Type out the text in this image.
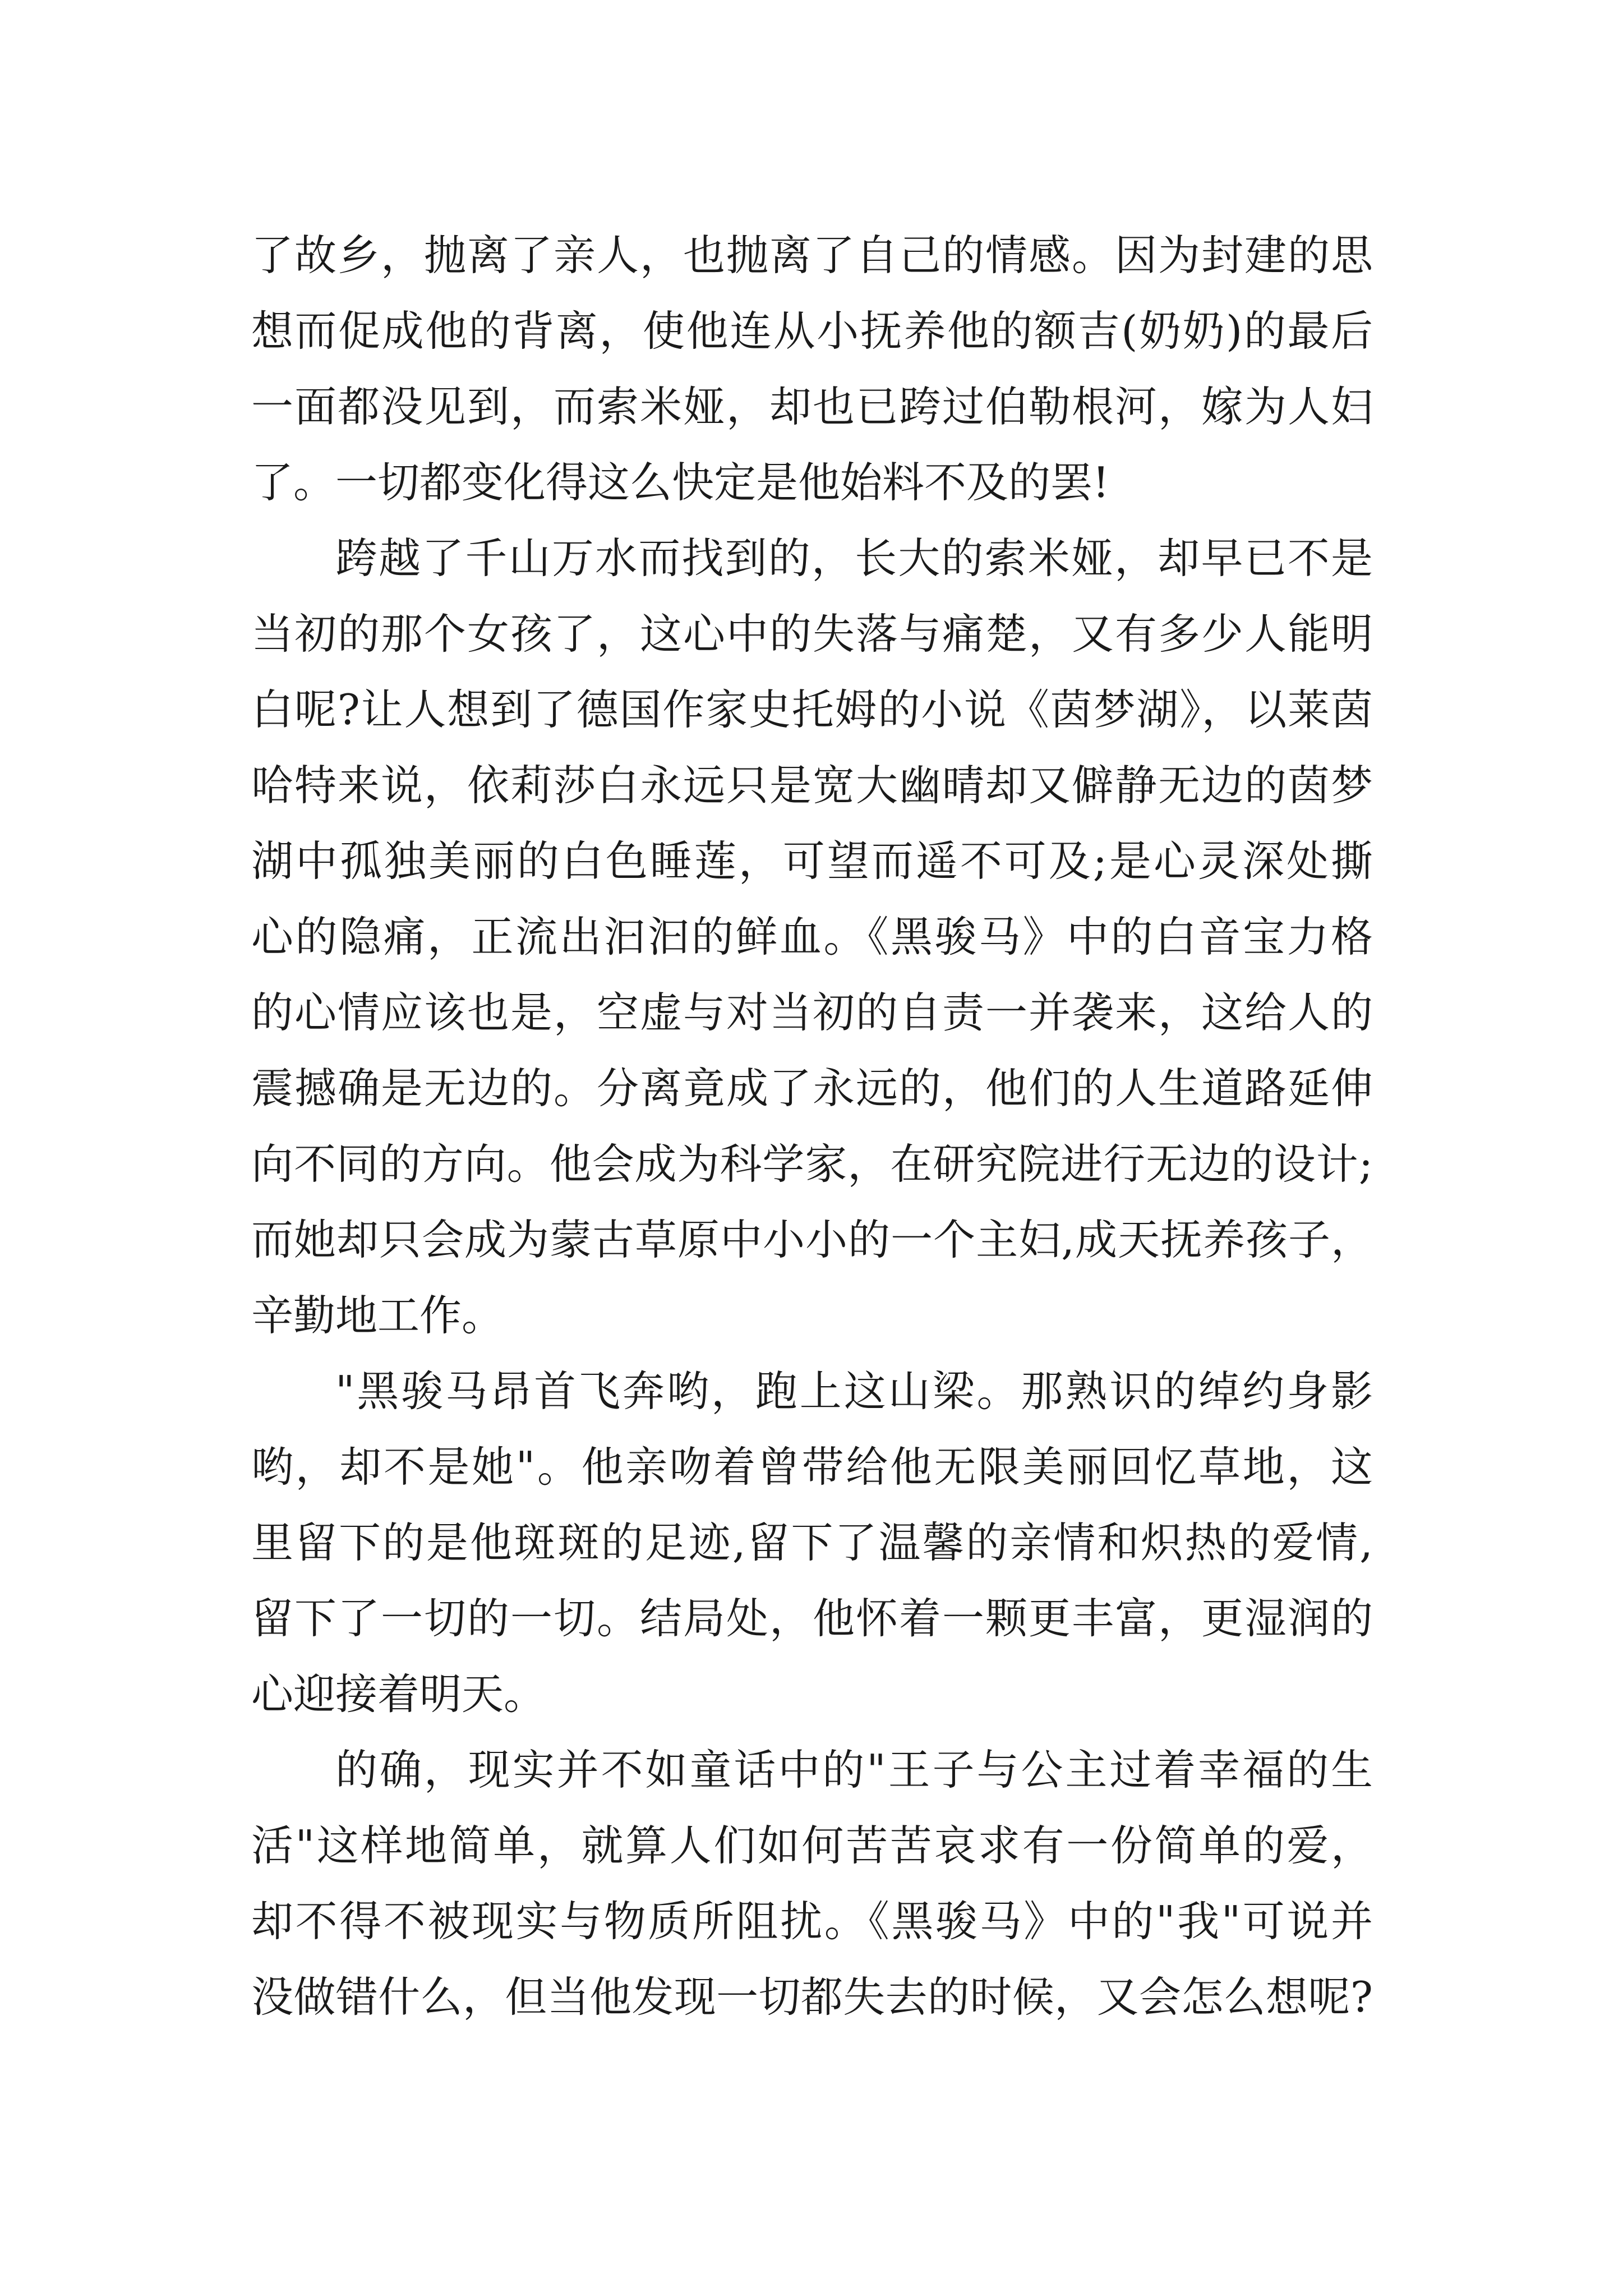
了故乡，抛离了亲人，也抛离了自己的情感。因为封建的思
想而促成他的背离，使他连从小抚养他的额吉(奶奶)的最后
一面都没见到，而索米娅，却也已跨过伯勒根河，嫁为人妇
了。一切都变化得这么快定是他始料不及的罢!
跨越了千山万水而找到的，长大的索米娅，却早已不是
当初的那个女孩了，这心中的失落与痛楚，又有多少人能明
白呢?让人想到了德国作家史托姆的小说《茵梦湖》，以莱茵
哈特来说，依莉莎白永远只是宽大幽晴却又僻静无边的茵梦
湖中孤独美丽的白色睡莲，可望而遥不可及;是心灵深处撕
心的隐痛，正流出汩汩的鲜血。《黑骏马》中的白音宝力格
的心情应该也是，空虚与对当初的自责一并袭来，这给人的
震撼确是无边的。分离竟成了永远的，他们的人生道路延伸
向不同的方向。他会成为科学家，在研究院进行无边的设计;
而她却只会成为蒙古草原中小小的一个主妇,成天抚养孩子，
辛勤地工作。
"黑骏马昂首飞奔哟，跑上这山梁。那熟识的绰约身影
哟，却不是她"。他亲吻着曾带给他无限美丽回忆草地，这
里留下的是他斑斑的足迹,留下了温馨的亲情和炽热的爱情,
留下了一切的一切。结局处，他怀着一颗更丰富，更湿润的
心迎接着明天。
的确，现实并不如童话中的"王子与公主过着幸福的生
活"这样地简单，就算人们如何苦苦哀求有一份简单的爱，
却不得不被现实与物质所阻扰。《黑骏马》中的"我"可说并
没做错什么，但当他发现一切都失去的时候，又会怎么想呢?
